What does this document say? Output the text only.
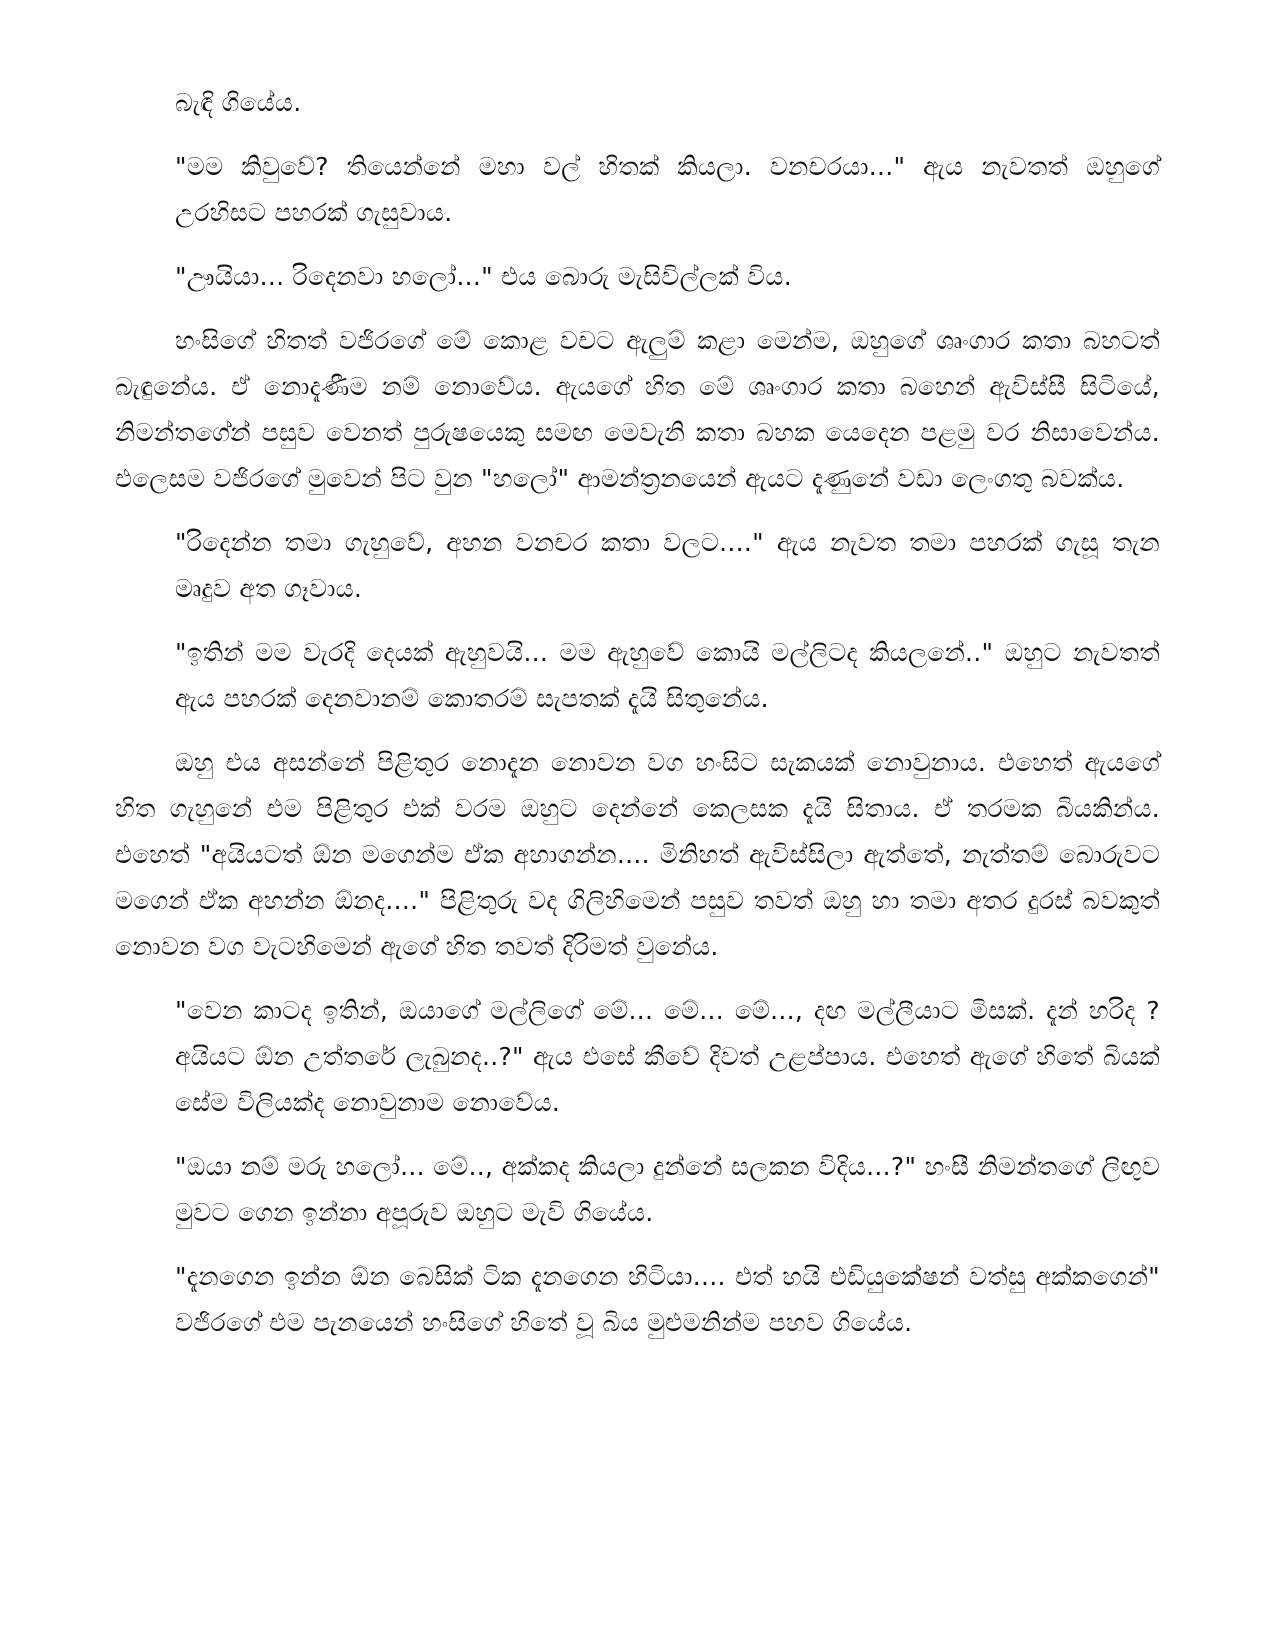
බැඳි ගියේය.

"මම කිවුවේ? තියෙන්නේ මහා වල් හිතක් කියලා. වනචරයා..." ඇය නැවතත් ඔහුගේ උරහිසට පහරක් ගැසුවාය.

"ඌයියා... රිදෙනවා හලෝ..." එය බොරු මැසිවිල්ලක් විය.

හංසිගේ හිතත් වජිරගේ මේ කොළ වචට ඇලුම් කළා මෙන්ම, ඔහුගේ ශෘංගාර කතා බහටත් බැඳුනේය. ඒ නොදැණීම නම් නොවේය. ඇයගේ හිත මේ ශෘංගාර කතා බහෙන් ඇවිස්සී සිටියේ, නිමන්තගේන් පසුව වෙනත් පුරුෂයෙකු සමඟ මෙවැනි කතා බහක යෙදෙන පළමු වර නිසාවෙන්ය. එලෙසම වජිරගේ මුවෙන් පිට වුන "හලෝ" ආමන්ත්‍රනයෙන් ඇයට දැණුනේ වඩා ලෙංගතු බවක්ය.

"රිදෙන්න තමා ගැහුවේ, අහන වනචර කතා වලට...." ඇය නැවත තමා පහරක් ගැසූ තැන මෘදුව අත ගෑවාය.

"ඉතින් මම වැරදි දෙයක් ඇහුවයි... මම ඇහුවේ කොයි මල්ලිටද කියලනේ.." ඔහුට නැවතත් ඇය පහරක් දෙනවානම් කොතරම් සැපතක් දැයි සිතුනේය.

ඔහු එය අසන්නේ පිළිතුර නොදැන නොවන වග හංසිට සැකයක් නොවුනාය. එහෙත් ඇයගේ හිත ගැහුනේ එම පිළිතුර එක් වරම ඔහුට දෙන්නේ කෙලසක දැයි සිතාය. ඒ තරමක බියකින්ය. එහෙත් "අයියටත් ඕන මගෙන්ම ඒක අහාගන්න.... මිනිහත් ඇවිස්සිලා ඇත්තේ, නැත්තම් බොරුවට මගෙන් ඒක අහන්න ඕනද...." පිළිතුරු වද ගිලිහිමෙන් පසුව තවත් ඔහු හා තමා අතර දුරස් බවකුත් නොවන වග වැටහිමෙන් ඇගේ හිත තවත් දිරිමත් වුනේය.

"වෙන කාටද ඉතින්, ඔයාගේ මල්ලිගේ මේ... මේ... මේ..., දඟ මල්ලීයාට මිසක්. දැන් හරිද ? අයියට ඕන උත්තරේ ලැබුනද..?" ඇය එසේ කීවේ දිවත් උළප්පාය. එහෙත් ඇගේ හිතේ බියක් සේම විලියක්ද නොවුනාම නොවේය.

"ඔයා නම් මරු හලෝ... මේ.., අක්කද කියලා දුන්නේ සලකන විදිය...?" හංසී නිමන්තගේ ලිඟුව මුවට ගෙන ඉන්නා අපූරුව ඔහුට මැවි ගියේය.

"දැනගෙන ඉන්න ඕන බෙසික් ටික දැනගෙන හිටියා.... එත් හයි එඩියුකේෂන් වත්සු අක්කගෙන්" වජිරගේ එම පැනයෙන් හංසිගේ හිතේ වූ බිය මුළුමනින්ම පහව ගියේය.
